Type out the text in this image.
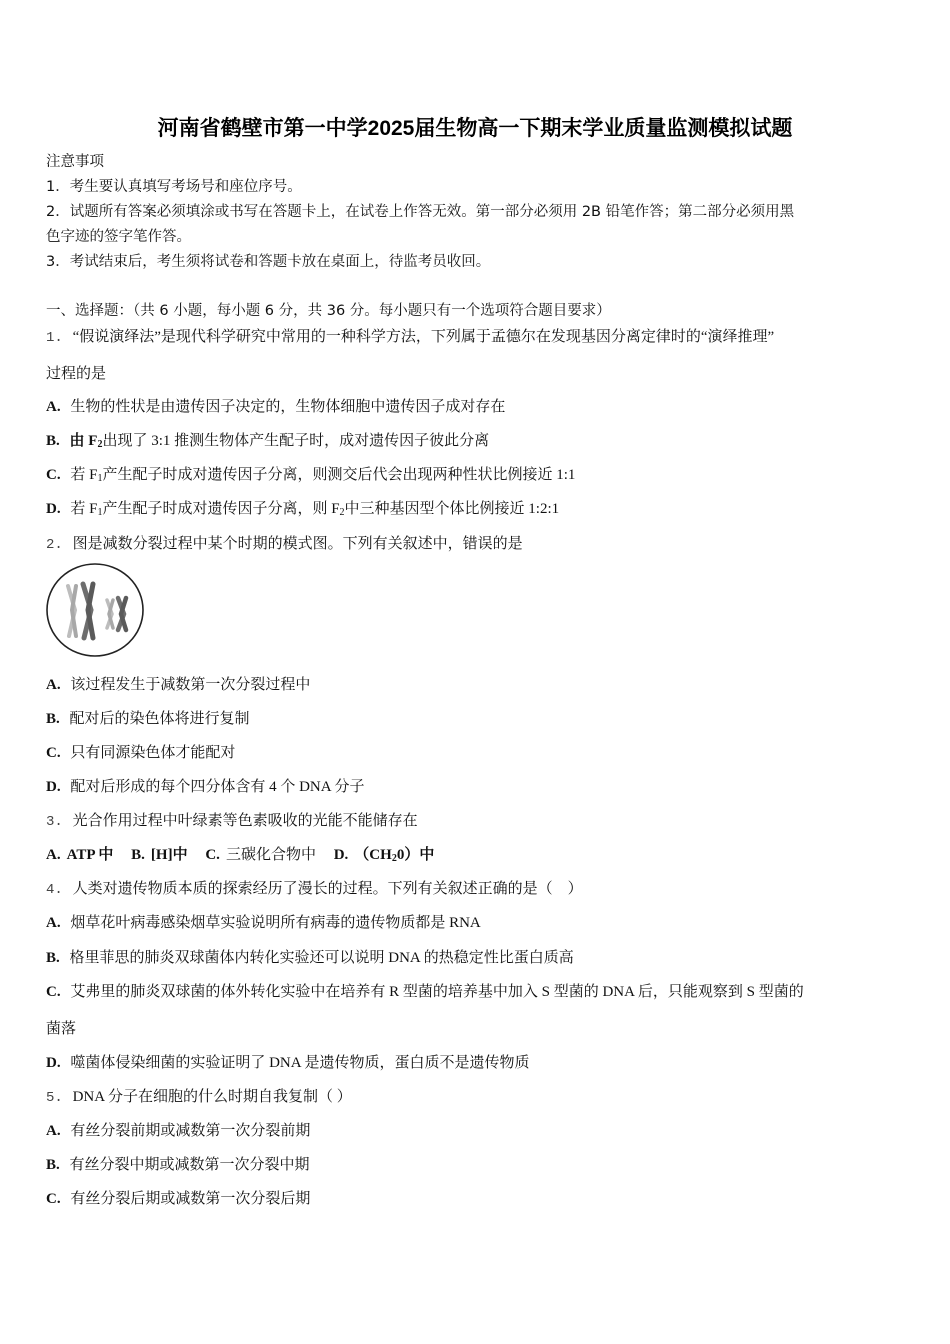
河南省鹤壁市第一中学2025届生物高一下期末学业质量监测模拟试题
注意事项
1．考生要认真填写考场号和座位序号。
2．试题所有答案必须填涂或书写在答题卡上，在试卷上作答无效。第一部分必须用 2B 铅笔作答；第二部分必须用黑
色字迹的签字笔作答。
3．考试结束后，考生须将试卷和答题卡放在桌面上，待监考员收回。
一、选择题：（共 6 小题，每小题 6 分，共 36 分。每小题只有一个选项符合题目要求）
1. “假说演绎法”是现代科学研究中常用的一种科学方法，下列属于孟德尔在发现基因分离定律时的“演绎推理”
过程的是
A. 生物的性状是由遗传因子决定的，生物体细胞中遗传因子成对存在
B. 由 $F_2$出现了 3:1 推测生物体产生配子时，成对遗传因子彼此分离
C. 若 $F_1$产生配子时成对遗传因子分离，则测交后代会出现两种性状比例接近 1:1
D. 若 $F_1$产生配子时成对遗传因子分离，则 $F_2$中三种基因型个体比例接近 1:2:1
2. 图是减数分裂过程中某个时期的模式图。下列有关叙述中，错误的是
A. 该过程发生于减数第一次分裂过程中
B. 配对后的染色体将进行复制
C. 只有同源染色体才能配对
D. 配对后形成的每个四分体含有 4 个 DNA 分子
3. 光合作用过程中叶绿素等色素吸收的光能不能储存在
A. ATP 中 B. [H]中 C. 三碳化合物中 D. $(CH_20)$中
4. 人类对遗传物质本质的探索经历了漫长的过程。下列有关叙述正确的是（　）
A. 烟草花叶病毒感染烟草实验说明所有病毒的遗传物质都是 RNA
B. 格里菲思的肺炎双球菌体内转化实验还可以说明 DNA 的热稳定性比蛋白质高
C. 艾弗里的肺炎双球菌的体外转化实验中在培养有 R 型菌的培养基中加入 S 型菌的 DNA 后，只能观察到 S 型菌的
菌落
D. 噬菌体侵染细菌的实验证明了 DNA 是遗传物质，蛋白质不是遗传物质
5. DNA 分子在细胞的什么时期自我复制（ ）
A. 有丝分裂前期或减数第一次分裂前期
B. 有丝分裂中期或减数第一次分裂中期
C. 有丝分裂后期或减数第一次分裂后期
